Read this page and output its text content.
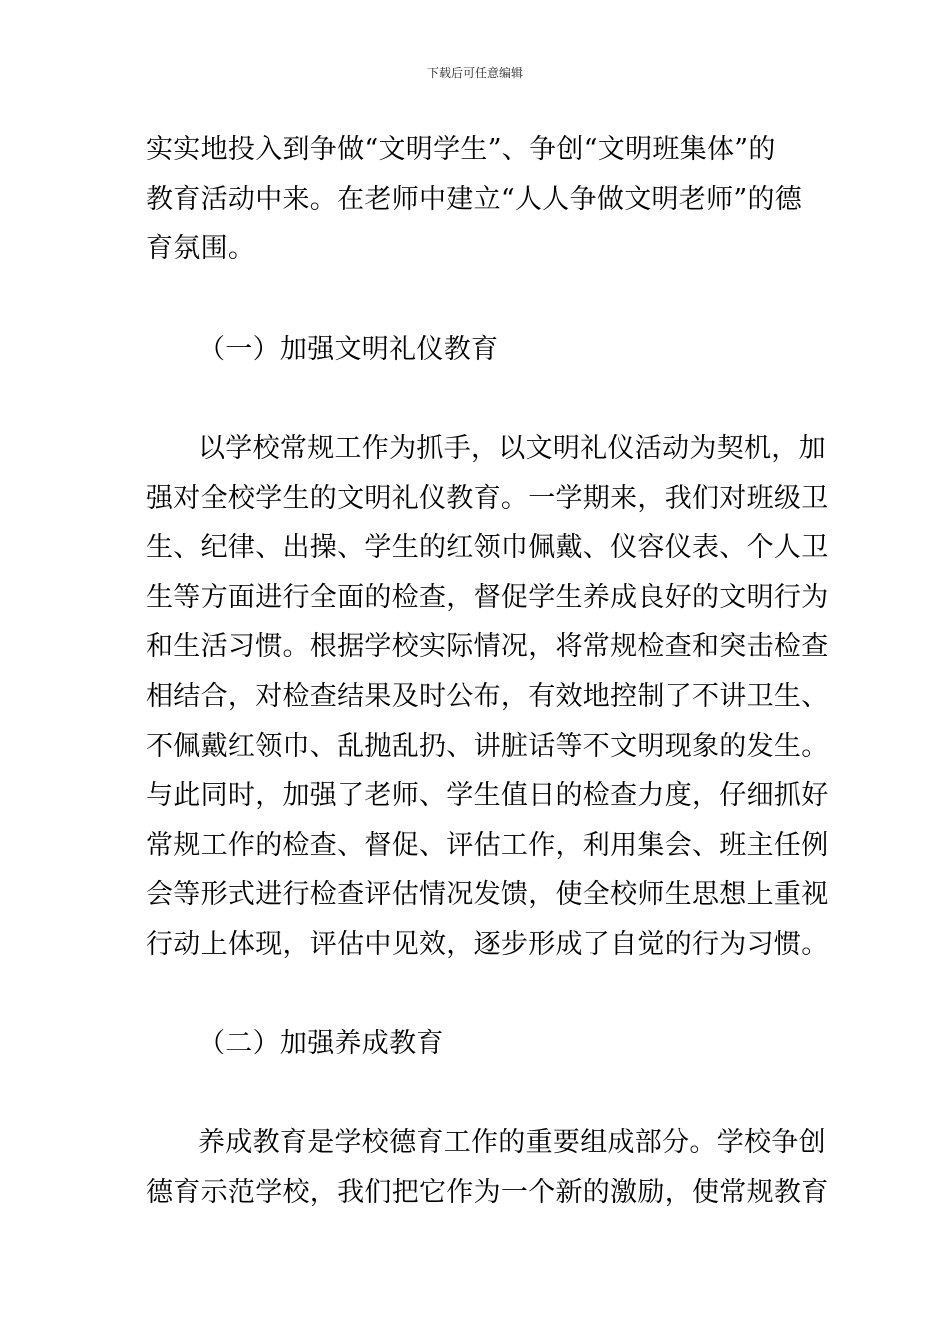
下载后可任意编辑
实实地投入到争做“文明学生”、争创“文明班集体”的
教育活动中来。在老师中建立“人人争做文明老师”的德
育氛围。
（一）加强文明礼仪教育
以学校常规工作为抓手，以文明礼仪活动为契机，加
强对全校学生的文明礼仪教育。一学期来，我们对班级卫
生、纪律、出操、学生的红领巾佩戴、仪容仪表、个人卫
生等方面进行全面的检查，督促学生养成良好的文明行为
和生活习惯。根据学校实际情况，将常规检查和突击检查
相结合，对检查结果及时公布，有效地控制了不讲卫生、
不佩戴红领巾、乱抛乱扔、讲脏话等不文明现象的发生。
与此同时，加强了老师、学生值日的检查力度，仔细抓好
常规工作的检查、督促、评估工作，利用集会、班主任例
会等形式进行检查评估情况发馈，使全校师生思想上重视
行动上体现，评估中见效，逐步形成了自觉的行为习惯。
（二）加强养成教育
养成教育是学校德育工作的重要组成部分。学校争创
德育示范学校，我们把它作为一个新的激励，使常规教育
